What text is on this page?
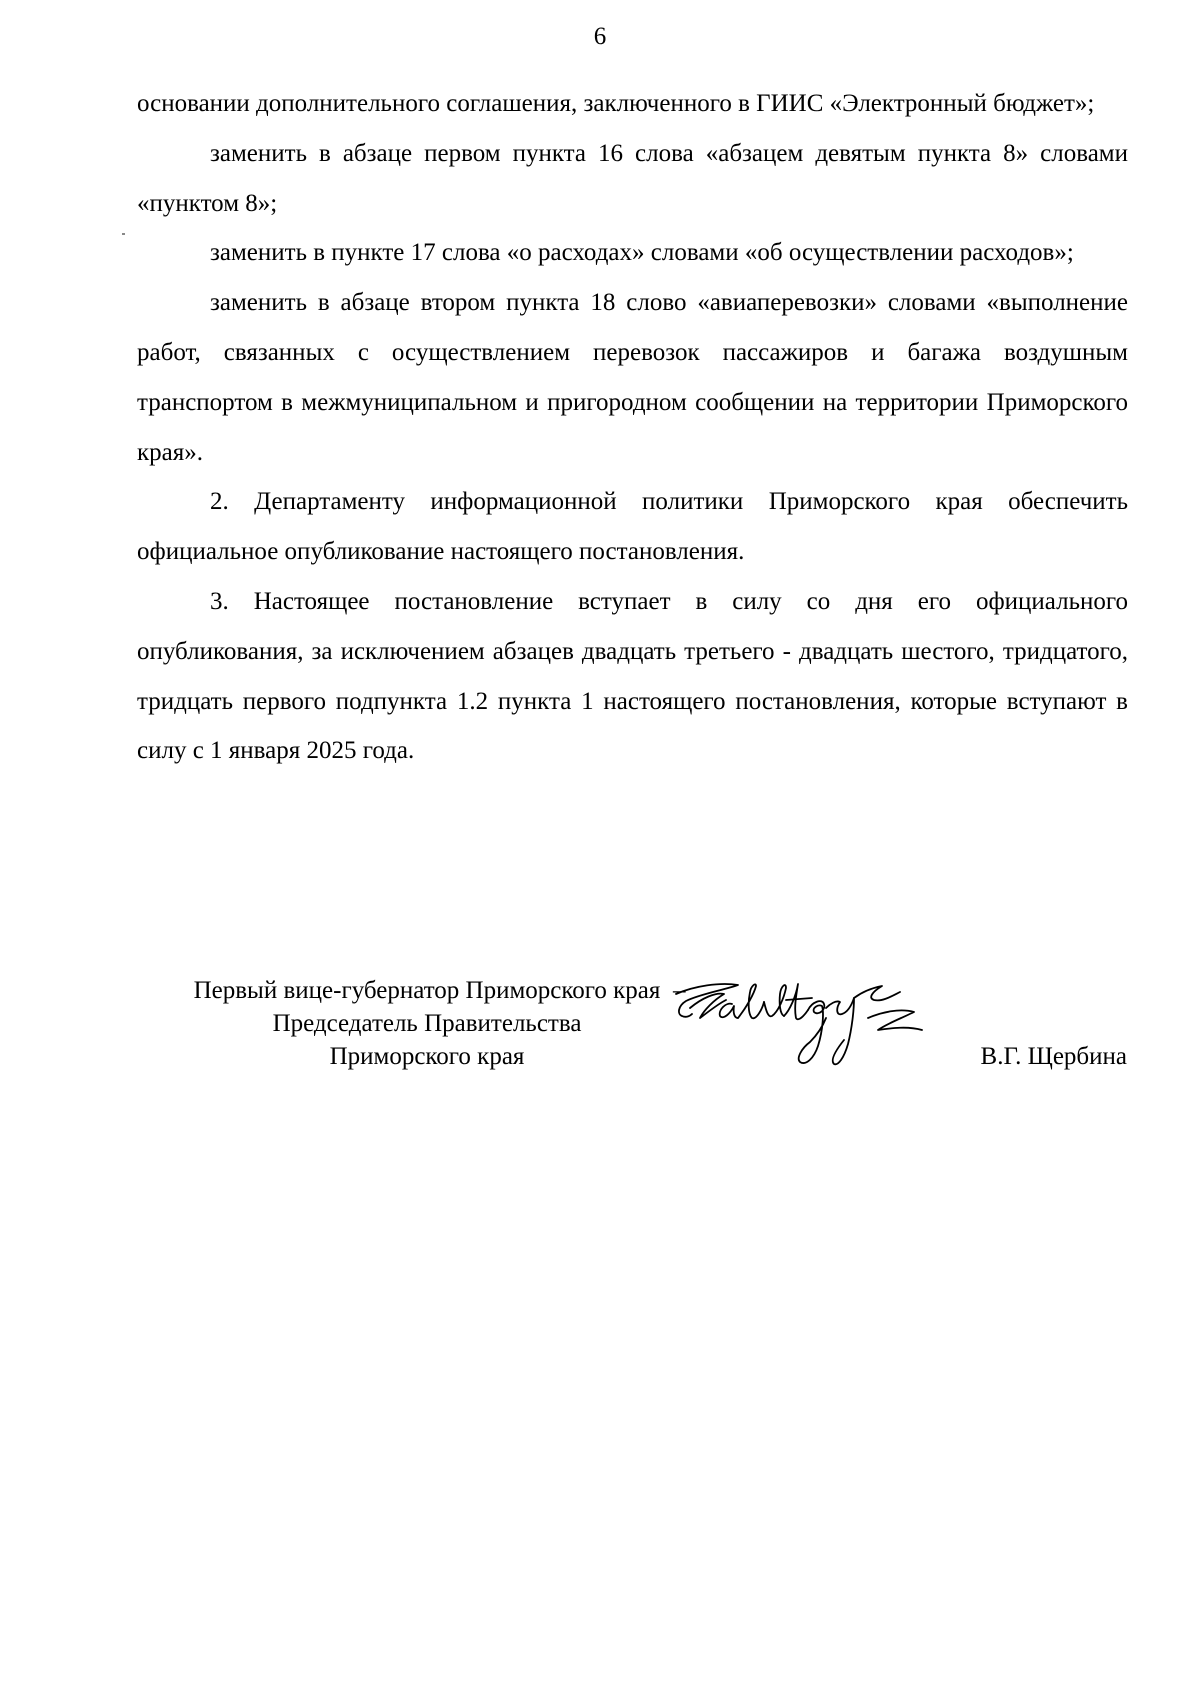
6

основании дополнительного соглашения, заключенного в ГИИС «Электронный бюджет»;

заменить в абзаце первом пункта 16 слова «абзацем девятым пункта 8» словами «пунктом 8»;

заменить в пункте 17 слова «о расходах» словами «об осуществлении расходов»;

заменить в абзаце втором пункта 18 слово «авиаперевозки» словами «выполнение работ, связанных с осуществлением перевозок пассажиров и багажа воздушным транспортом в межмуниципальном и пригородном сообщении на территории Приморского края».

2. Департаменту информационной политики Приморского края обеспечить официальное опубликование настоящего постановления.

3. Настоящее постановление вступает в силу со дня его официального опубликования, за исключением абзацев двадцать третьего - двадцать шестого, тридцатого, тридцать первого подпункта 1.2 пункта 1 настоящего постановления, которые вступают в силу с 1 января 2025 года.

Первый вице-губернатор Приморского края
Председатель Правительства
Приморского края
–
В.Г. Щербина
